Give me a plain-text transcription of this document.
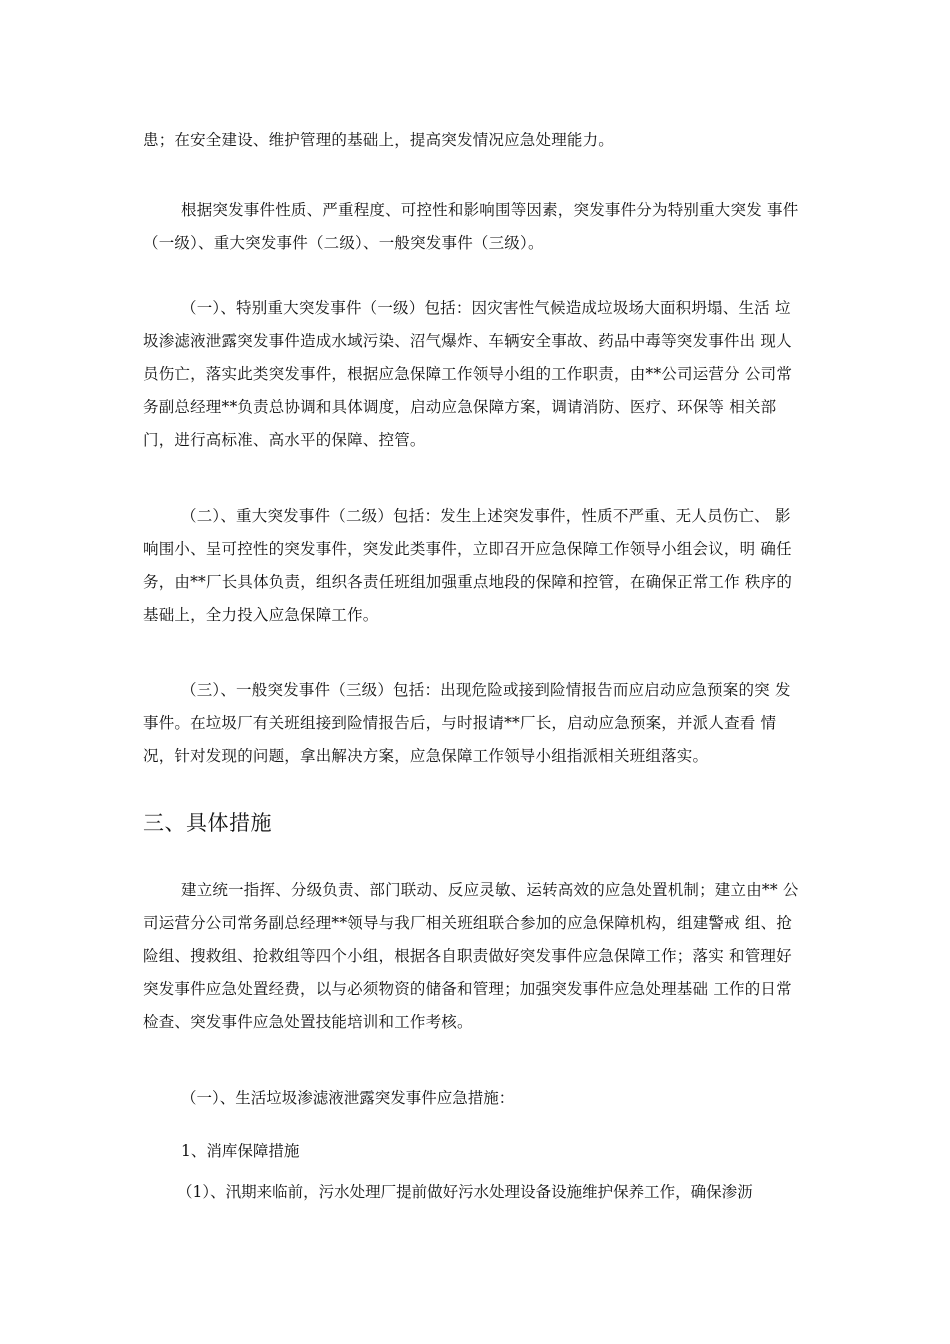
患；在安全建设、维护管理的基础上，提高突发情况应急处理能力。

根据突发事件性质、严重程度、可控性和影响围等因素，突发事件分为特别重大突发 事件
（一级）、重大突发事件（二级）、一般突发事件（三级）。

（一）、特别重大突发事件（一级）包括：因灾害性气候造成垃圾场大面积坍塌、生活 垃
圾渗滤液泄露突发事件造成水域污染、沼气爆炸、车辆安全事故、药品中毒等突发事件出 现人
员伤亡，落实此类突发事件，根据应急保障工作领导小组的工作职责，由**公司运营分 公司常
务副总经理**负责总协调和具体调度，启动应急保障方案，调请消防、医疗、环保等 相关部
门，进行高标准、高水平的保障、控管。

（二）、重大突发事件（二级）包括：发生上述突发事件，性质不严重、无人员伤亡、 影
响围小、呈可控性的突发事件，突发此类事件，立即召开应急保障工作领导小组会议，明 确任
务，由**厂长具体负责，组织各责任班组加强重点地段的保障和控管，在确保正常工作 秩序的
基础上，全力投入应急保障工作。

（三）、一般突发事件（三级）包括：出现危险或接到险情报告而应启动应急预案的突 发
事件。在垃圾厂有关班组接到险情报告后，与时报请**厂长，启动应急预案，并派人查看 情
况，针对发现的问题，拿出解决方案，应急保障工作领导小组指派相关班组落实。

三、具体措施

建立统一指挥、分级负责、部门联动、反应灵敏、运转高效的应急处置机制；建立由** 公
司运营分公司常务副总经理**领导与我厂相关班组联合参加的应急保障机构，组建警戒 组、抢
险组、搜救组、抢救组等四个小组，根据各自职责做好突发事件应急保障工作；落实 和管理好
突发事件应急处置经费，以与必须物资的储备和管理；加强突发事件应急处理基础 工作的日常
检查、突发事件应急处置技能培训和工作考核。

（一）、生活垃圾渗滤液泄露突发事件应急措施：

1、消库保障措施

（1）、汛期来临前，污水处理厂提前做好污水处理设备设施维护保养工作，确保渗沥
